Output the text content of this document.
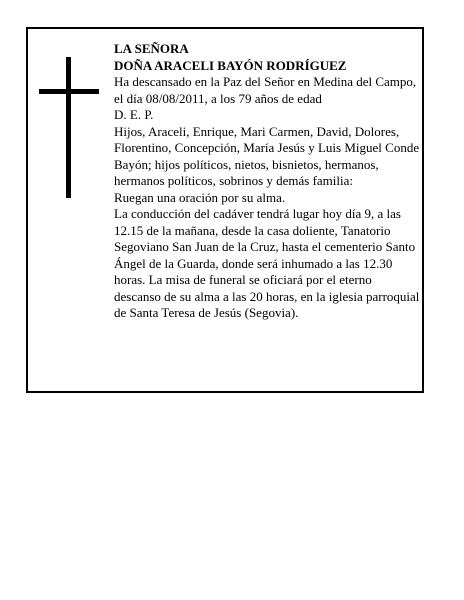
LA SEÑORA

DOÑA ARACELI BAYÓN RODRÍGUEZ

Ha descansado en la Paz del Señor en Medina del Campo, el día 08/08/2011, a los 79 años de edad

D. E. P.

Hijos, Araceli, Enrique, Mari Carmen, David, Dolores, Florentino, Concepción, María Jesús y Luis Miguel Conde Bayón; hijos políticos, nietos, bisnietos, hermanos, hermanos políticos, sobrinos y demás familia:

Ruegan una oración por su alma.

La conducción del cadáver tendrá lugar hoy día 9, a las 12.15 de la mañana, desde la casa doliente, Tanatorio Segoviano San Juan de la Cruz, hasta el cementerio Santo Ángel de la Guarda, donde será inhumado a las 12.30 horas. La misa de funeral se oficiará por el eterno descanso de su alma a las 20 horas, en la iglesia parroquial de Santa Teresa de Jesús (Segovia).
